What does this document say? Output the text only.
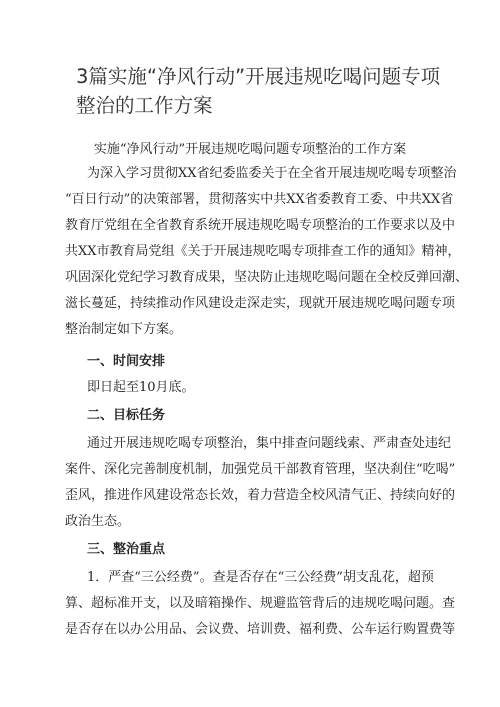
3篇实施“净风行动”开展违规吃喝问题专项
整治的工作方案
实施“净风行动”开展违规吃喝问题专项整治的工作方案
为深入学习贯彻XX省纪委监委关于在全省开展违规吃喝专项整治
“百日行动”的决策部署，贯彻落实中共XX省委教育工委、中共XX省
教育厅党组在全省教育系统开展违规吃喝专项整治的工作要求以及中
共XX市教育局党组《关于开展违规吃喝专项排查工作的通知》精神，
巩固深化党纪学习教育成果，坚决防止违规吃喝问题在全校反弹回潮、
滋长蔓延，持续推动作风建设走深走实，现就开展违规吃喝问题专项
整治制定如下方案。
一、时间安排
即日起至10月底。
二、目标任务
通过开展违规吃喝专项整治，集中排查问题线索、严肃查处违纪
案件、深化完善制度机制，加强党员干部教育管理，坚决刹住“吃喝”
歪风，推进作风建设常态长效，着力营造全校风清气正、持续向好的
政治生态。
三、整治重点
1．严查“三公经费”。查是否存在“三公经费”胡支乱花，超预
算、超标准开支，以及暗箱操作、规避监管背后的违规吃喝问题。查
是否存在以办公用品、会议费、培训费、福利费、公车运行购置费等
